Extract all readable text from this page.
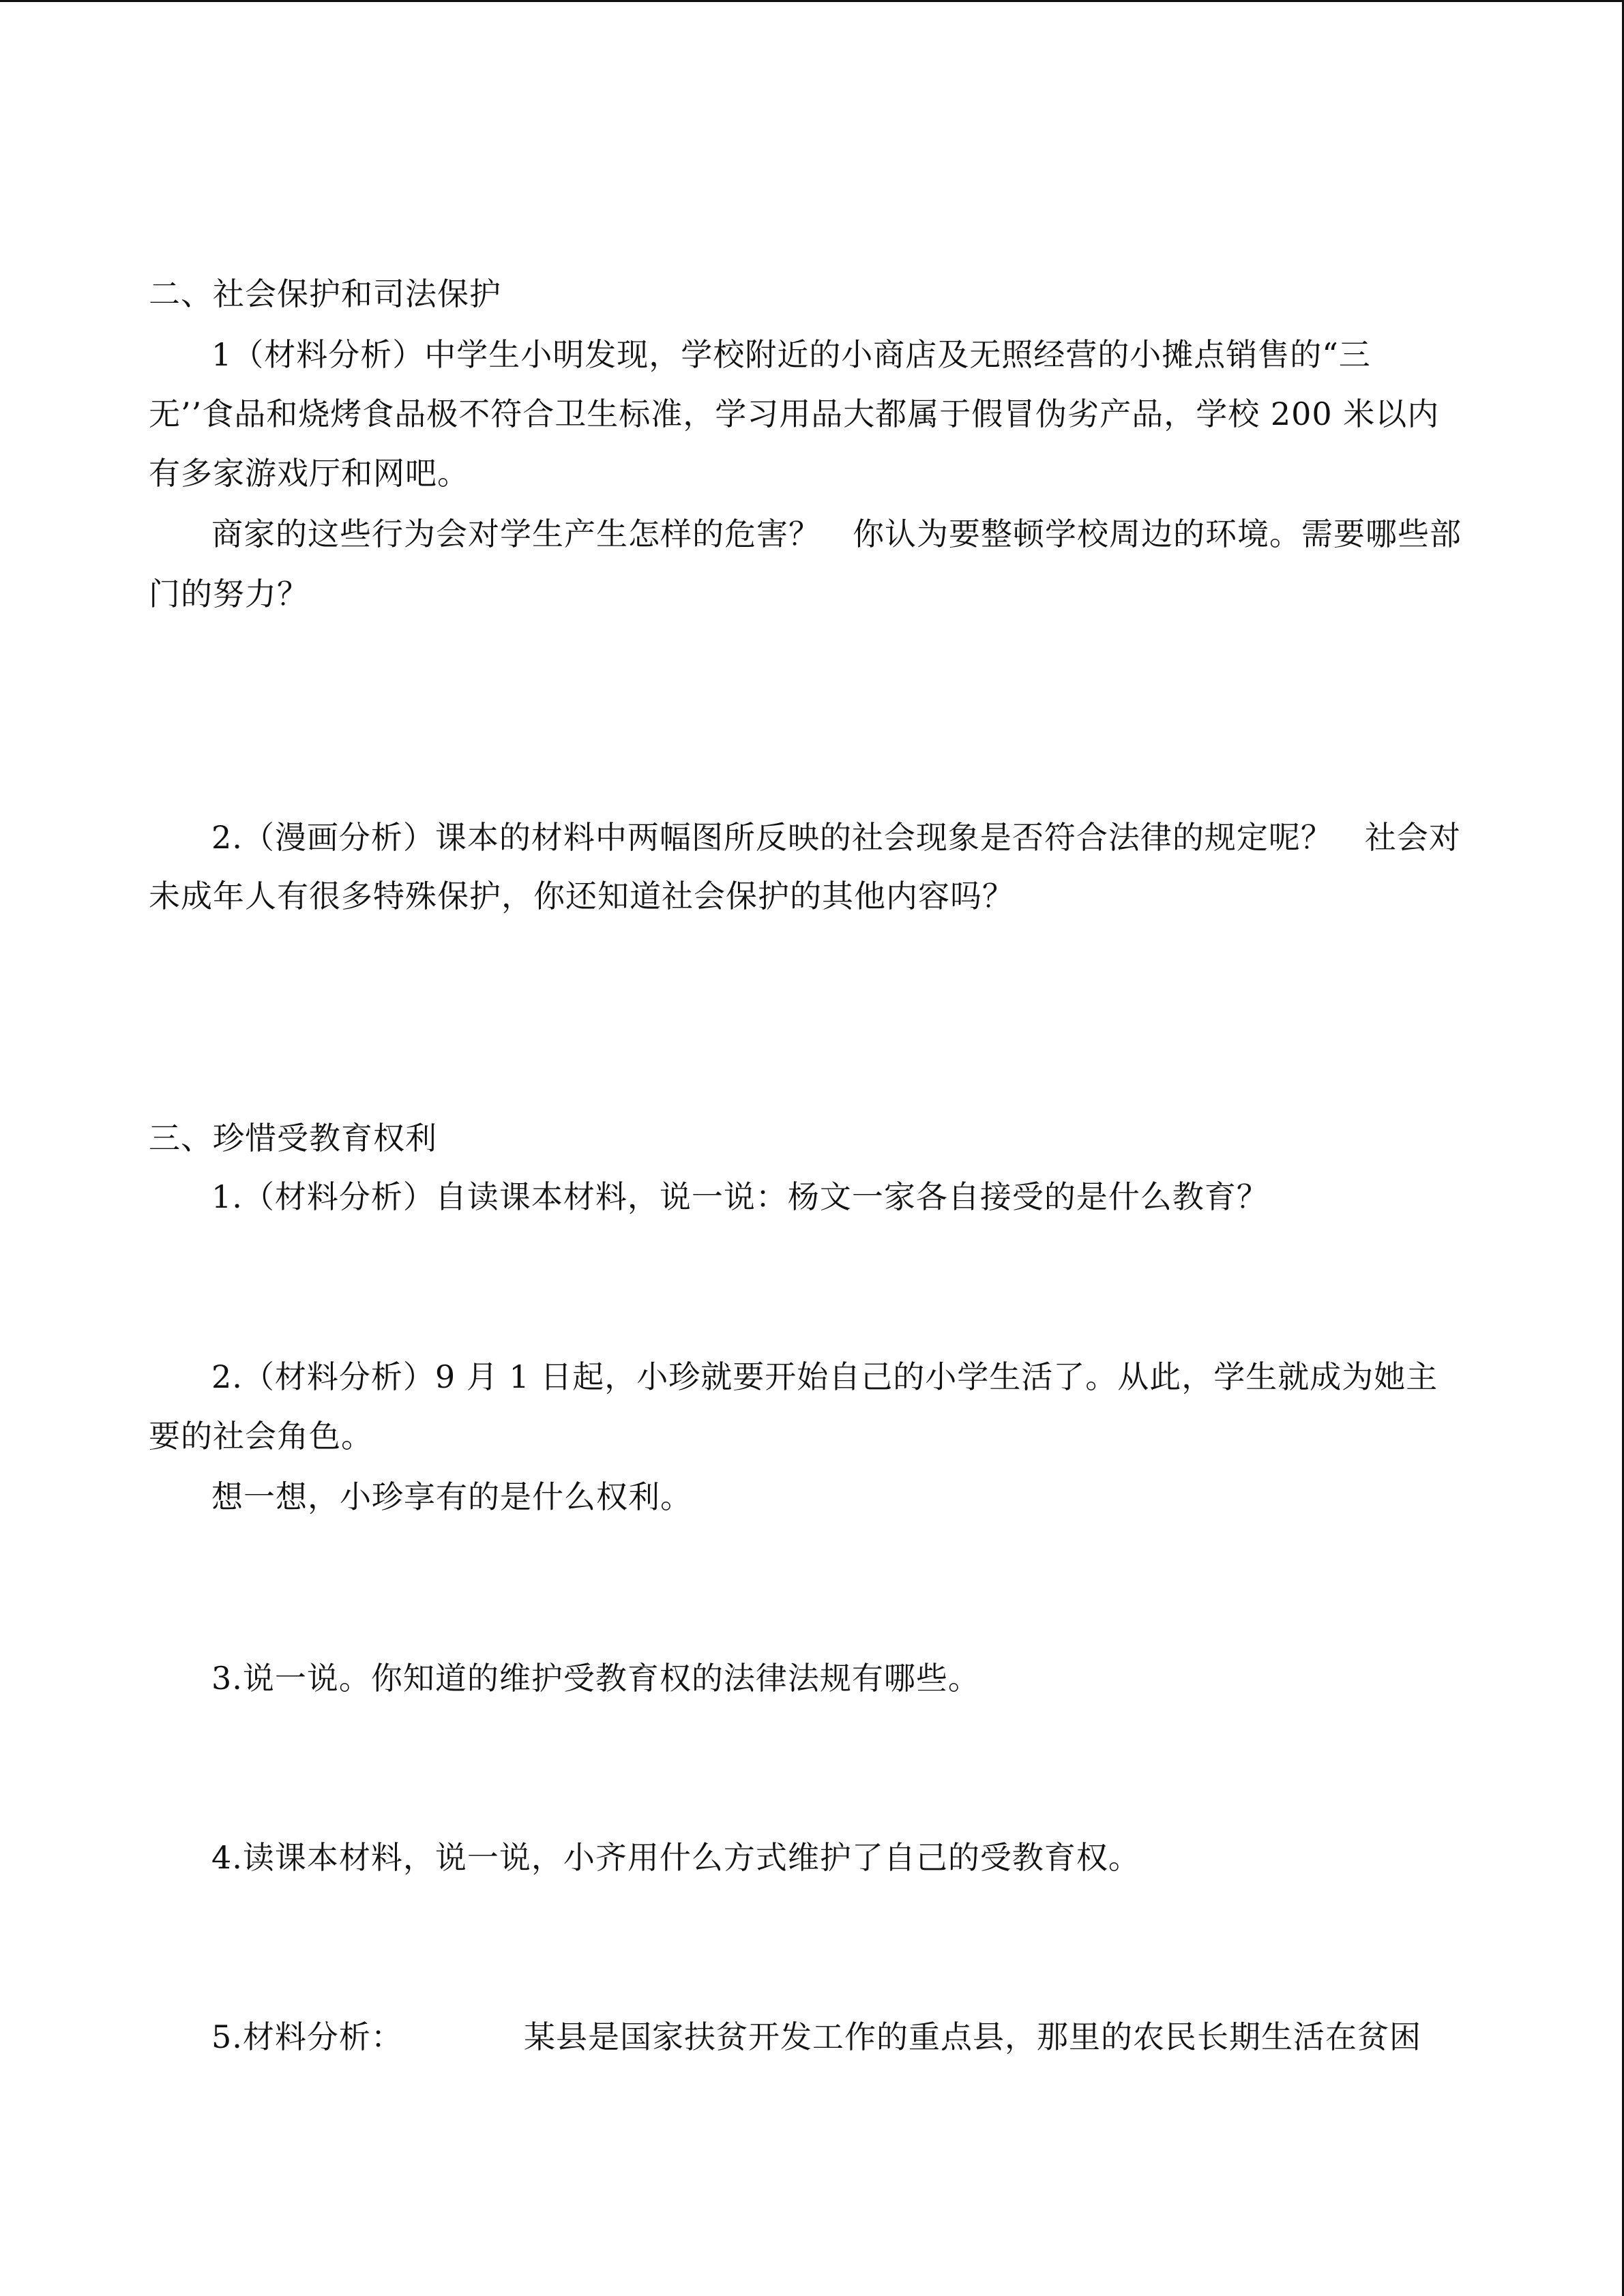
二、社会保护和司法保护
1（材料分析）中学生小明发现，学校附近的小商店及无照经营的小摊点销售的“三
无’’食品和烧烤食品极不符合卫生标准，学习用品大都属于假冒伪劣产品，学校 200 米以内
有多家游戏厅和网吧。
商家的这些行为会对学生产生怎样的危害？　你认为要整顿学校周边的环境。需要哪些部
门的努力？
2.（漫画分析）课本的材料中两幅图所反映的社会现象是否符合法律的规定呢？　社会对
未成年人有很多特殊保护，你还知道社会保护的其他内容吗？
三、珍惜受教育权利
1.（材料分析）自读课本材料，说一说：杨文一家各自接受的是什么教育？
2.（材料分析）9 月 1 日起，小珍就要开始自己的小学生活了。从此，学生就成为她主
要的社会角色。
想一想，小珍享有的是什么权利。
3.说一说。你知道的维护受教育权的法律法规有哪些。
4.读课本材料，说一说，小齐用什么方式维护了自己的受教育权。
5.材料分析：	某县是国家扶贫开发工作的重点县，那里的农民长期生活在贫困
